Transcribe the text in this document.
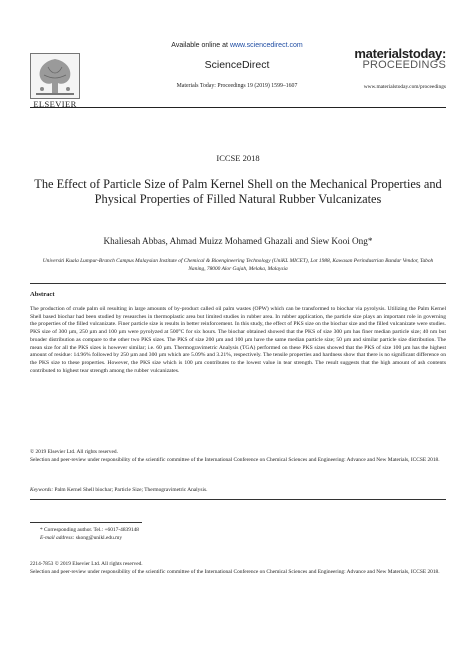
ELSEVIER
Available online at www.sciencedirect.com
ScienceDirect
Materials Today: Proceedings 19 (2019) 1599–1607
materialstoday:
PROCEEDINGS
www.materialstoday.com/proceedings
ICCSE 2018
The Effect of Particle Size of Palm Kernel Shell on the Mechanical Properties and Physical Properties of Filled Natural Rubber Vulcanizates
Khaliesah Abbas, Ahmad Muizz Mohamed Ghazali and Siew Kooi Ong*
Universiti Kuala Lumpur-Branch Campus Malaysian Institute of Chemical & Bioengineering Technology (UniKL MICET), Lot 1988, Kawasan Perindustrian Bandar Vendor, Taboh Naning, 78000 Alor Gajah, Melaka, Malaysia
Abstract
The production of crude palm oil resulting in large amounts of by-product called oil palm wastes (OPW) which can be transformed to biochar via pyrolysis. Utilizing the Palm Kernel Shell based biochar had been studied by researches in thermoplastic area but limited studies in rubber area. In rubber application, the particle size plays an important role in governing the properties of the filled vulcanizate. Finer particle size is results in better reinforcement. In this study, the effect of PKS size on the biochar size and the filled vulcanizate were studies. PKS size of 300 µm, 250 µm and 100 µm were pyrolyzed at 500°C for six hours. The biochar obtained showed that the PKS of size 300 µm has finer median particle size; 40 nm but broader distribution as compare to the other two PKS sizes. The PKS of size 200 µm and 100 µm have the same median particle size; 50 µm and similar particle size distribution. The mean size for all the PKS sizes is however similar; i.e. 60 µm. Thermogravimetric Analysis (TGA) performed on these PKS sizes showed that the PKS of size 100 µm has the highest amount of residue: 14.96% followed by 250 µm and 300 µm which are 5.09% and 3.21%, respectively. The tensile properties and hardness show that there is no significant difference on the PKS size to these properties. However, the PKS size which is 100 µm contributes to the lowest value in tear strength. The result suggests that the high amount of ash contents contributed to highest tear strength among the rubber vulcanizates.
© 2019 Elsevier Ltd. All rights reserved.
Selection and peer-review under responsibility of the scientific committee of the International Conference on Chemical Sciences and Engineering: Advance and New Materials, ICCSE 2018.
Keywords: Palm Kernel Shell biochar; Particle Size; Thermogravimetric Analysis.
* Corresponding author. Tel.: +6017-4839148
E-mail address: skong@unikl.edu.my
2214-7853 © 2019 Elsevier Ltd. All rights reserved.
Selection and peer-review under responsibility of the scientific committee of the International Conference on Chemical Sciences and Engineering: Advance and New Materials, ICCSE 2018.
